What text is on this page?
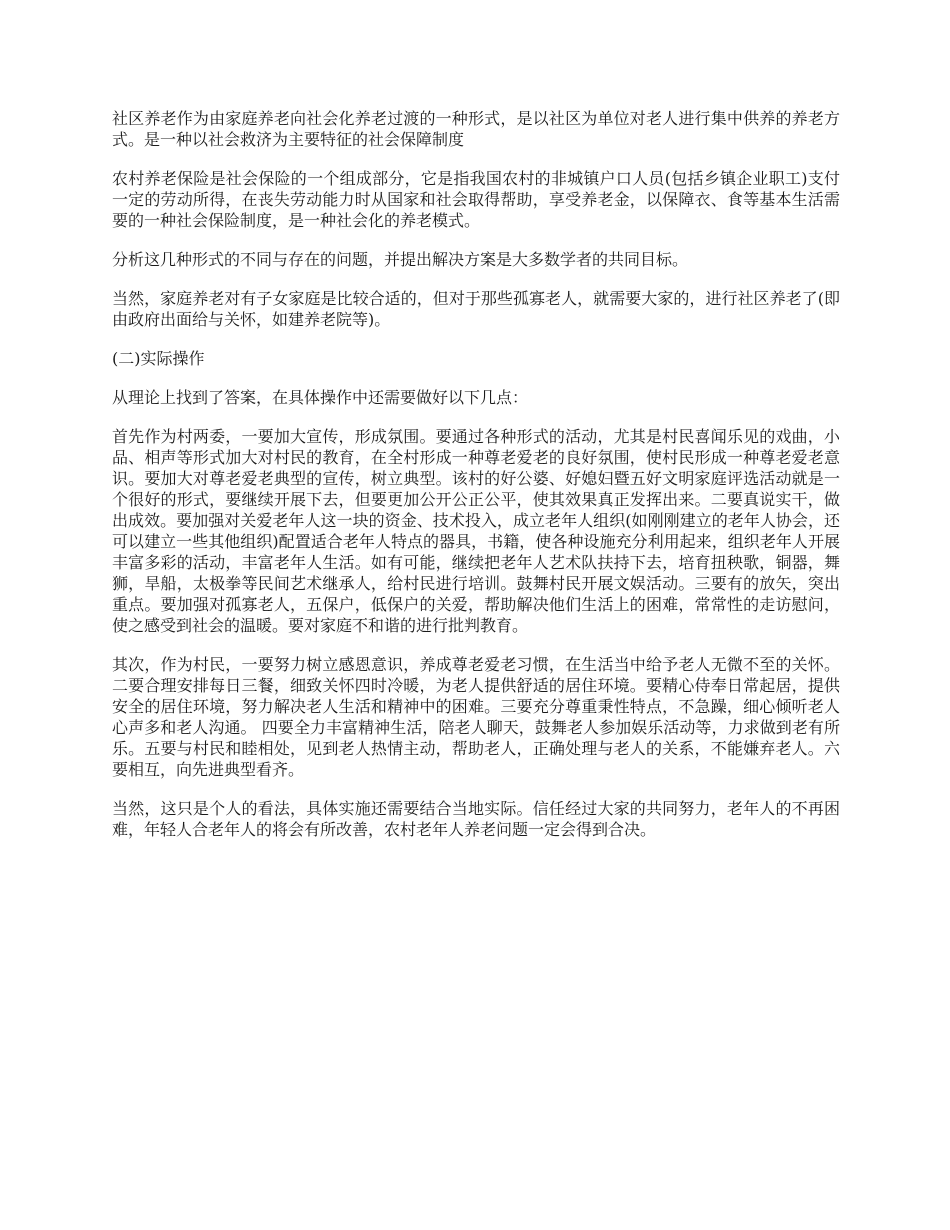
社区养老作为由家庭养老向社会化养老过渡的一种形式，是以社区为单位对老人进行集中供养的养老方式。是一种以社会救济为主要特征的社会保障制度

农村养老保险是社会保险的一个组成部分，它是指我国农村的非城镇户口人员(包括乡镇企业职工)支付一定的劳动所得，在丧失劳动能力时从国家和社会取得帮助，享受养老金，以保障衣、食等基本生活需要的一种社会保险制度，是一种社会化的养老模式。

分析这几种形式的不同与存在的问题，并提出解决方案是大多数学者的共同目标。

当然，家庭养老对有子女家庭是比较合适的，但对于那些孤寡老人，就需要大家的，进行社区养老了(即由政府出面给与关怀，如建养老院等)。

(二)实际操作

从理论上找到了答案，在具体操作中还需要做好以下几点：

首先作为村两委，一要加大宣传，形成氛围。要通过各种形式的活动，尤其是村民喜闻乐见的戏曲，小品、相声等形式加大对村民的教育，在全村形成一种尊老爱老的良好氛围，使村民形成一种尊老爱老意识。要加大对尊老爱老典型的宣传，树立典型。该村的好公婆、好媳妇暨五好文明家庭评选活动就是一个很好的形式，要继续开展下去，但要更加公开公正公平，使其效果真正发挥出来。二要真说实干，做出成效。要加强对关爱老年人这一块的资金、技术投入，成立老年人组织(如刚刚建立的老年人协会，还可以建立一些其他组织)配置适合老年人特点的器具，书籍，使各种设施充分利用起来，组织老年人开展丰富多彩的活动，丰富老年人生活。如有可能，继续把老年人艺术队扶持下去，培育扭秧歌，铜器，舞狮，旱船，太极拳等民间艺术继承人，给村民进行培训。鼓舞村民开展文娱活动。三要有的放矢，突出重点。要加强对孤寡老人，五保户，低保户的关爱，帮助解决他们生活上的困难，常常性的走访慰问，使之感受到社会的温暖。要对家庭不和谐的进行批判教育。

其次，作为村民，一要努力树立感恩意识，养成尊老爱老习惯，在生活当中给予老人无微不至的关怀。二要合理安排每日三餐，细致关怀四时冷暖，为老人提供舒适的居住环境。要精心侍奉日常起居，提供安全的居住环境，努力解决老人生活和精神中的困难。三要充分尊重秉性特点，不急躁，细心倾听老人心声多和老人沟通。 四要全力丰富精神生活，陪老人聊天，鼓舞老人参加娱乐活动等，力求做到老有所乐。五要与村民和睦相处，见到老人热情主动，帮助老人，正确处理与老人的关系，不能嫌弃老人。六要相互，向先进典型看齐。

当然，这只是个人的看法，具体实施还需要结合当地实际。信任经过大家的共同努力，老年人的不再困难，年轻人合老年人的将会有所改善，农村老年人养老问题一定会得到合决。
